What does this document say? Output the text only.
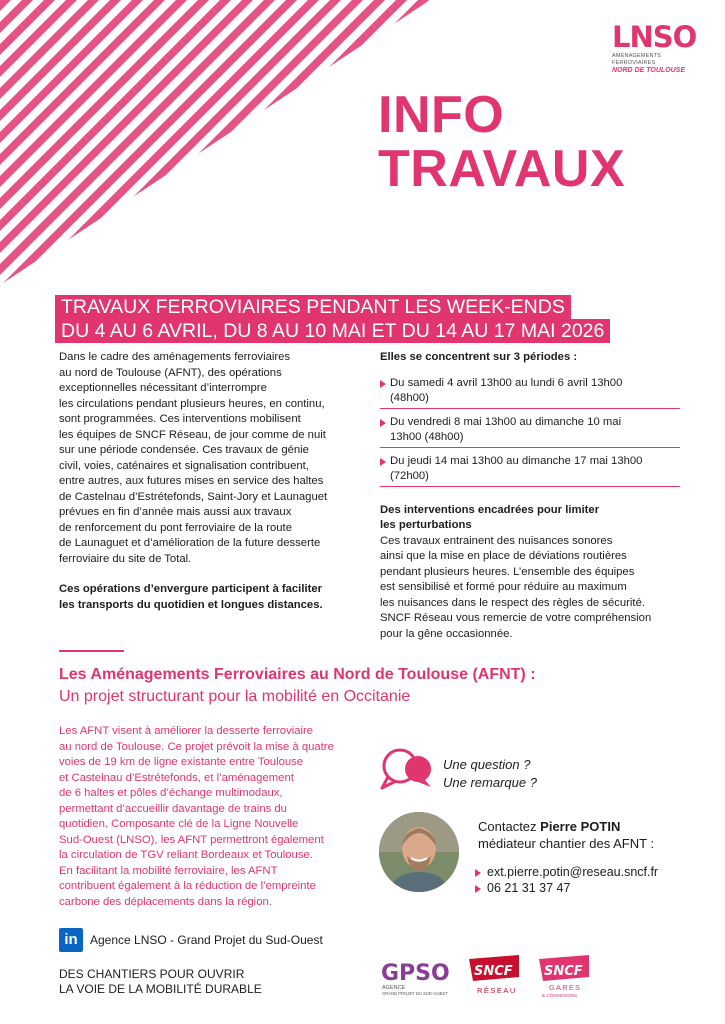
LNSO
AMÉNAGEMENTS FERROVIAIRES
NORD DE TOULOUSE
INFO
TRAVAUX
TRAVAUX FERROVIAIRES PENDANT LES WEEK-ENDS
DU 4 AU 6 AVRIL, DU 8 AU 10 MAI ET DU 14 AU 17 MAI 2026

Dans le cadre des aménagements ferroviaires

au nord de Toulouse (AFNT), des opérations

exceptionnelles nécessitant d’interrompre

les circulations pendant plusieurs heures, en continu,

sont programmées. Ces interventions mobilisent

les équipes de SNCF Réseau, de jour comme de nuit

sur une période condensée. Ces travaux de génie

civil, voies, caténaires et signalisation contribuent,

entre autres, aux futures mises en service des haltes

de Castelnau d’Estrétefonds, Saint-Jory et Launaguet

prévues en fin d’année mais aussi aux travaux

de renforcement du pont ferroviaire de la route

de Launaguet et d’amélioration de la future desserte

ferroviaire du site de Total.

Ces opérations d’envergure participent à faciliter

les transports du quotidien et longues distances.

Elles se concentrent sur 3 périodes :

Du samedi 4 avril 13h00 au lundi 6 avril 13h00
(48h00)
Du vendredi 8 mai 13h00 au dimanche 10 mai
13h00 (48h00)
Du jeudi 14 mai 13h00 au dimanche 17 mai 13h00
(72h00)

Des interventions encadrées pour limiter

les perturbations

Ces travaux entrainent des nuisances sonores

ainsi que la mise en place de déviations routières

pendant plusieurs heures. L’ensemble des équipes

est sensibilisé et formé pour réduire au maximum

les nuisances dans le respect des règles de sécurité.

SNCF Réseau vous remercie de votre compréhension

pour la gêne occasionnée.

Les Aménagements Ferroviaires au Nord de Toulouse (AFNT) :
Un projet structurant pour la mobilité en Occitanie
Les AFNT visent à améliorer la desserte ferroviaire
au nord de Toulouse. Ce projet prévoit la mise à quatre
voies de 19 km de ligne existante entre Toulouse
et Castelnau d’Estrétefonds, et l’aménagement
de 6 haltes et pôles d’échange multimodaux,
permettant d’accueillir davantage de trains du
quotidien. Composante clé de la Ligne Nouvelle
Sud-Ouest (LNSO), les AFNT permettront également
la circulation de TGV reliant Bordeaux et Toulouse.
En facilitant la mobilité ferroviaire, les AFNT
contribuent également à la réduction de l’empreinte
carbone des déplacements dans la région.
Une question ?
Une remarque ?
Contactez Pierre POTIN
médiateur chantier des AFNT :
ext.pierre.potin@reseau.sncf.fr
06 21 31 37 47
in	Agence LNSO - Grand Projet du Sud-Ouest
DES CHANTIERS POUR OUVRIR
LA VOIE DE LA MOBILITÉ DURABLE
GPSO
AGENCE
GRAND PROJET DU SUD-OUEST
SNCF
RÉSEAU
SNCF
GARES
& CONNEXIONS
